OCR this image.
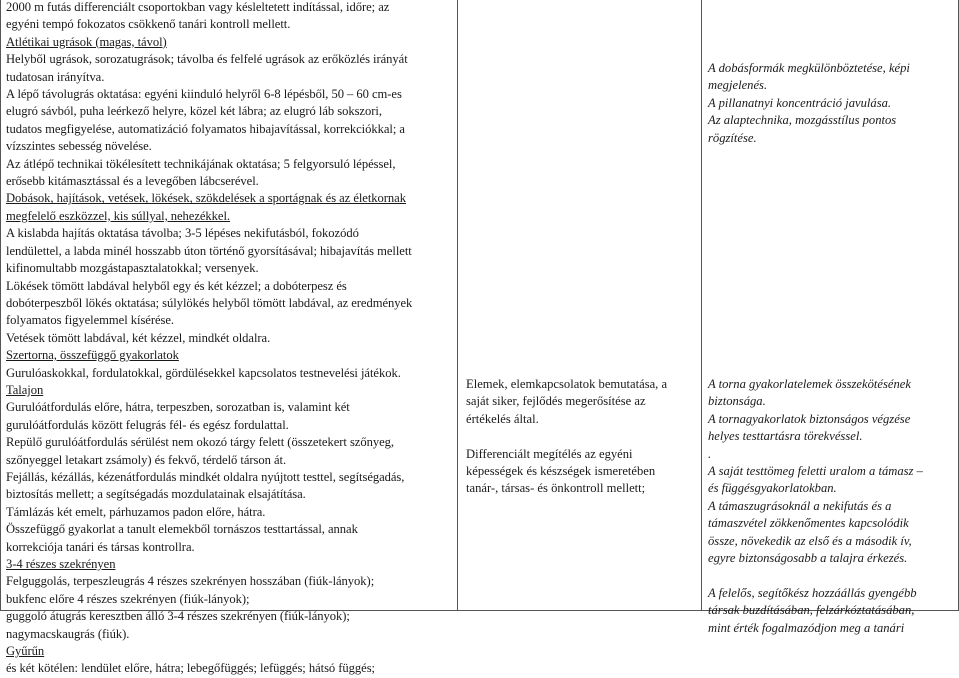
2000 m futás differenciált csoportokban vagy késleltetett indítással, időre; az
egyéni tempó fokozatos csökkenő tanári kontroll mellett.
Atlétikai ugrások (magas, távol)
Helyből ugrások, sorozatugrások; távolba és felfelé ugrások az erőközlés irányát
tudatosan irányítva.
A lépő távolugrás oktatása: egyéni kiinduló helyről 6-8 lépésből, 50 – 60 cm-es
elugró sávból, puha leérkező helyre, közel két lábra; az elugró láb sokszori,
tudatos megfigyelése, automatizáció folyamatos hibajavítással, korrekciókkal; a
vízszintes sebesség növelése.
Az átlépő technikai tökélesített technikájának oktatása; 5 felgyorsuló lépéssel,
erősebb kitámasztással és a levegőben lábcserével.
Dobások, hajítások, vetések, lökések, szökdelések a sportágnak és az életkornak
megfelelő eszközzel, kis súllyal, nehezékkel.
A kislabda hajítás oktatása távolba; 3-5 lépéses nekifutásból, fokozódó
lendülettel, a labda minél hosszabb úton történő gyorsításával; hibajavítás mellett
kifinomultabb mozgástapasztalatokkal; versenyek.
Lökések tömött labdával helyből egy és két kézzel; a dobóterpesz és
dobóterpeszből lökés oktatása; súlylökés helyből tömött labdával, az eredmények
folyamatos figyelemmel kísérése.
Vetések tömött labdával, két kézzel, mindkét oldalra.
Szertorna, összefüggő gyakorlatok
Gurulóaskokkal, fordulatokkal, gördülésekkel kapcsolatos testnevelési játékok.
Talajon
Gurulóátfordulás előre, hátra, terpeszben, sorozatban is, valamint két
gurulóátfordulás között felugrás fél- és egész fordulattal.
Repülő gurulóátfordulás sérülést nem okozó tárgy felett (összetekert szőnyeg,
szőnyeggel letakart zsámoly) és fekvő, térdelő társon át.
Fejállás, kézállás, kézenátfordulás mindkét oldalra nyújtott testtel, segítségadás,
biztosítás mellett; a segítségadás mozdulatainak elsajátítása.
Támlázás két emelt, párhuzamos padon előre, hátra.
Összefüggő gyakorlat a tanult elemekből tornászos testtartással, annak
korrekciója tanári és társas kontrollra.
3-4 részes szekrényen
Felguggolás, terpeszleugrás 4 részes szekrényen hosszában (fiúk-lányok);
bukfenc előre 4 részes szekrényen (fiúk-lányok);
guggoló átugrás keresztben álló 3-4 részes szekrényen (fiúk-lányok);
nagymacskaugrás (fiúk).
Gyűrűn
és két kötélen: lendület előre, hátra; lebegőfüggés; lefüggés; hátsó függés;
Elemek, elemkapcsolatok bemutatása, a
saját siker, fejlődés megerősítése az
értékelés által.

Differenciált megítélés az egyéni
képességek és készségek ismeretében
tanár-, társas- és önkontroll mellett;
A dobásformák megkülönböztetése, képi
megjelenés.
A pillanatnyi koncentráció javulása.
Az alaptechnika, mozgásstílus pontos
rögzítése.
A torna gyakorlatelemek összekötésének
biztonsága.
A tornagyakorlatok biztonságos végzése
helyes testtartásra törekvéssel.
.
A saját testtömeg feletti uralom a támasz –
és függésgyakorlatokban.
A támaszugrásoknál a nekifutás és a
támaszvétel zökkenőmentes kapcsolódik
össze, növekedik az első és a második ív,
egyre biztonságosabb a talajra érkezés.

A felelős, segítőkész hozzáállás gyengébb
társak buzdításában, felzárkóztatásában,
mint érték fogalmazódjon meg a tanári
